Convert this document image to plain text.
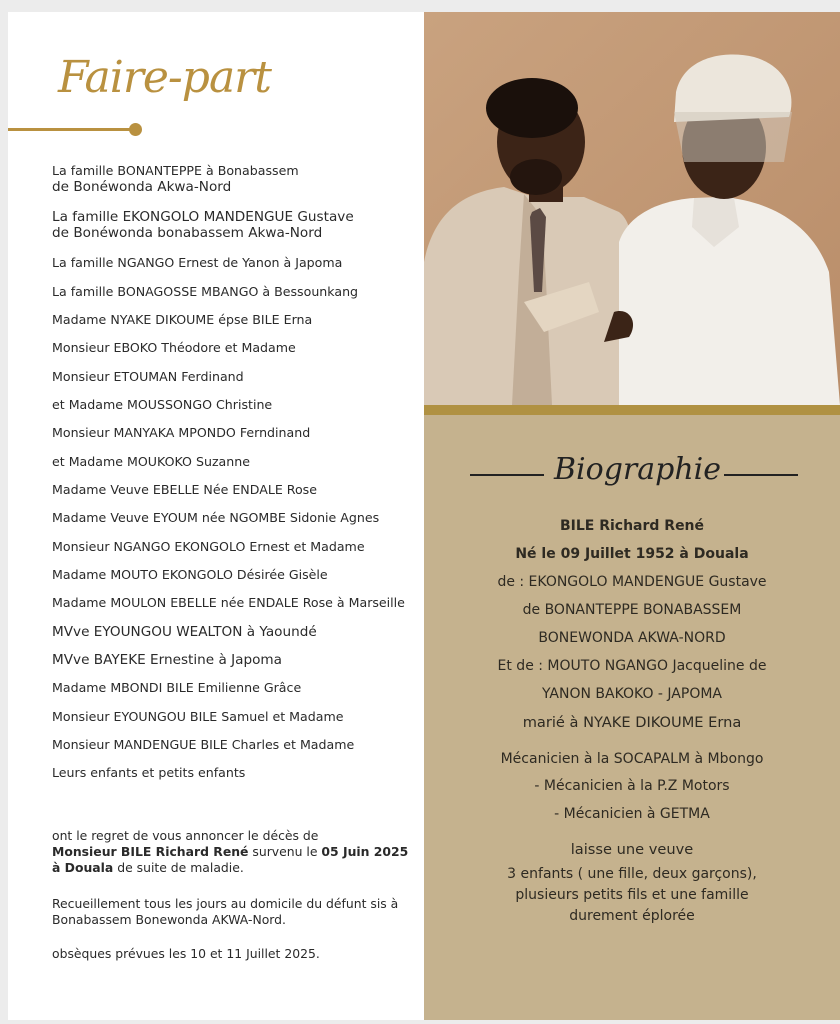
Faire-part

La famille BONANTEPPE à Bonabassem

de Bonéwonda Akwa-Nord

La famille EKONGOLO MANDENGUE Gustave

de Bonéwonda bonabassem Akwa-Nord

La famille NGANGO Ernest de Yanon à Japoma

La famille BONAGOSSE MBANGO à Bessounkang

Madame NYAKE DIKOUME épse BILE Erna

Monsieur EBOKO Théodore et Madame

Monsieur ETOUMAN Ferdinand

et Madame MOUSSONGO Christine

Monsieur MANYAKA MPONDO Ferndinand

et Madame MOUKOKO Suzanne

Madame Veuve EBELLE Née ENDALE Rose

Madame Veuve EYOUM née NGOMBE Sidonie Agnes

Monsieur NGANGO EKONGOLO Ernest et Madame

Madame MOUTO EKONGOLO Désirée Gisèle

Madame MOULON EBELLE née ENDALE Rose à Marseille

MVve EYOUNGOU WEALTON à Yaoundé

MVve BAYEKE Ernestine à Japoma

Madame MBONDI BILE Emilienne Grâce

Monsieur EYOUNGOU BILE Samuel et Madame

Monsieur MANDENGUE BILE Charles et Madame

Leurs enfants et petits enfants

ont le regret de vous annoncer le décès de
Monsieur BILE Richard René survenu le 05 Juin 2025
à Douala de suite de maladie.
Recueillement tous les jours au domicile du défunt sis à Bonabassem Bonewonda AKWA-Nord.
obsèques prévues les 10 et 11 Juillet 2025.
Biographie

BILE Richard René

Né le 09 Juillet 1952 à Douala

de : EKONGOLO MANDENGUE Gustave

de BONANTEPPE BONABASSEM

BONEWONDA AKWA-NORD

Et de : MOUTO NGANGO Jacqueline de

YANON BAKOKO - JAPOMA

marié à NYAKE DIKOUME Erna

Mécanicien à la SOCAPALM à Mbongo

- Mécanicien à la P.Z Motors

- Mécanicien à GETMA

laisse une veuve

3 enfants ( une fille, deux garçons),

plusieurs petits fils et une famille

durement éplorée
